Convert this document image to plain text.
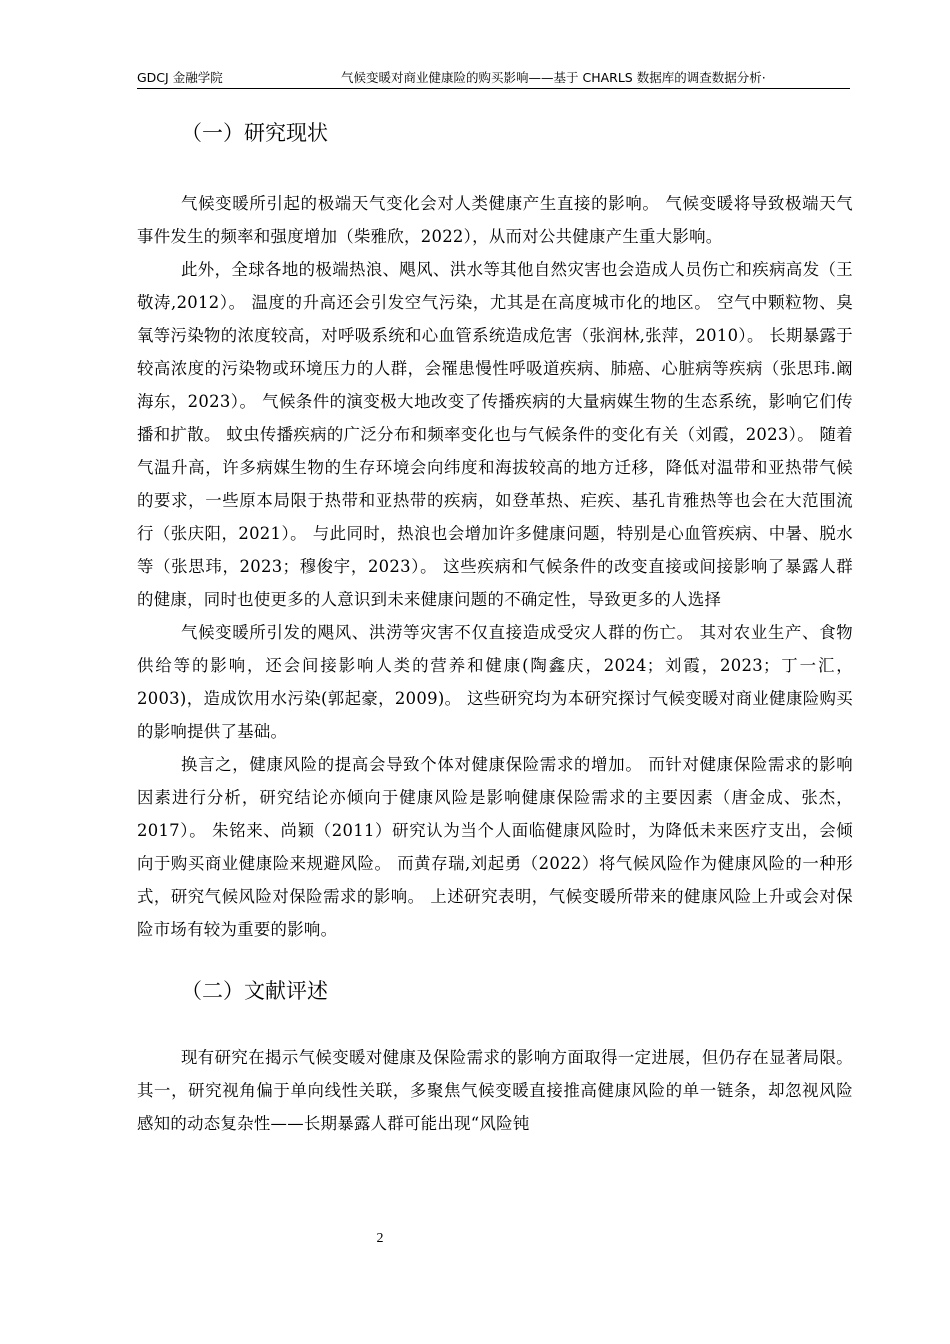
GDCJ 金融学院	气候变暖对商业健康险的购买影响——基于 CHARLS 数据库的调查数据分析·
（一）研究现状

气候变暖所引起的极端天气变化会对人类健康产生直接的影响。 气候变暖将导致极端天气事件发生的频率和强度增加（柴雅欣，2022），从而对公共健康产生重大影响。

此外，全球各地的极端热浪、飓风、洪水等其他自然灾害也会造成人员伤亡和疾病高发（王敬涛,2012）。 温度的升高还会引发空气污染，尤其是在高度城市化的地区。 空气中颗粒物、臭氧等污染物的浓度较高，对呼吸系统和心血管系统造成危害（张润林,张萍，2010）。 长期暴露于较高浓度的污染物或环境压力的人群，会罹患慢性呼吸道疾病、肺癌、心脏病等疾病（张思玮.阚海东，2023）。 气候条件的演变极大地改变了传播疾病的大量病媒生物的生态系统，影响它们传播和扩散。 蚊虫传播疾病的广泛分布和频率变化也与气候条件的变化有关（刘霞，2023）。 随着气温升高，许多病媒生物的生存环境会向纬度和海拔较高的地方迁移，降低对温带和亚热带气候的要求，一些原本局限于热带和亚热带的疾病，如登革热、疟疾、基孔肯雅热等也会在大范围流行（张庆阳，2021）。 与此同时，热浪也会增加许多健康问题，特别是心血管疾病、中暑、脱水等（张思玮，2023；穆俊宇，2023）。 这些疾病和气候条件的改变直接或间接影响了暴露人群的健康，同时也使更多的人意识到未来健康问题的不确定性，导致更多的人选择

气候变暖所引发的飓风、洪涝等灾害不仅直接造成受灾人群的伤亡。 其对农业生产、食物供给等的影响，还会间接影响人类的营养和健康(陶鑫庆，2024；刘霞，2023；丁一汇，2003)，造成饮用水污染(郭起豪，2009)。 这些研究均为本研究探讨气候变暖对商业健康险购买的影响提供了基础。

换言之，健康风险的提高会导致个体对健康保险需求的增加。 而针对健康保险需求的影响因素进行分析，研究结论亦倾向于健康风险是影响健康保险需求的主要因素（唐金成、张杰，2017）。 朱铭来、尚颖（2011）研究认为当个人面临健康风险时，为降低未来医疗支出，会倾向于购买商业健康险来规避风险。 而黄存瑞,刘起勇（2022）将气候风险作为健康风险的一种形式，研究气候风险对保险需求的影响。 上述研究表明，气候变暖所带来的健康风险上升或会对保险市场有较为重要的影响。

（二）文献评述

现有研究在揭示气候变暖对健康及保险需求的影响方面取得一定进展，但仍存在显著局限。其一，研究视角偏于单向线性关联，多聚焦气候变暖直接推高健康风险的单一链条，却忽视风险感知的动态复杂性——长期暴露人群可能出现“风险钝

2
